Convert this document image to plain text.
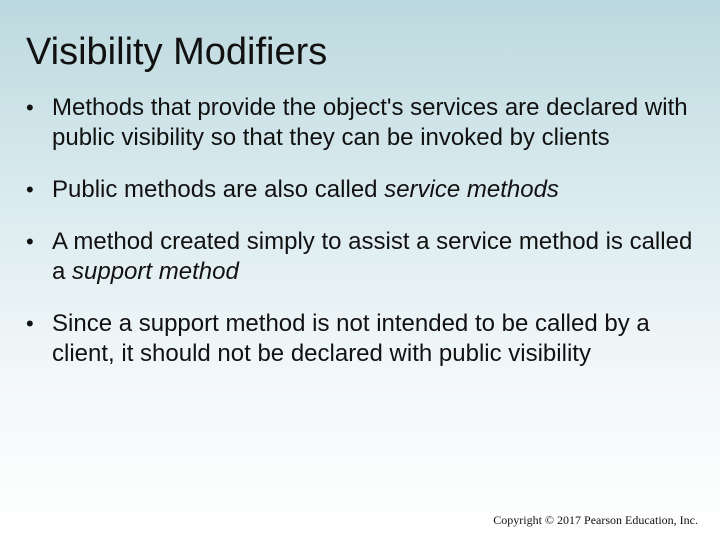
Visibility Modifiers
• Methods that provide the object's services are declared with public visibility so that they can be invoked by clients
• Public methods are also called service methods
• A method created simply to assist a service method is called a support method
• Since a support method is not intended to be called by a client, it should not be declared with public visibility
Copyright © 2017 Pearson Education, Inc.
